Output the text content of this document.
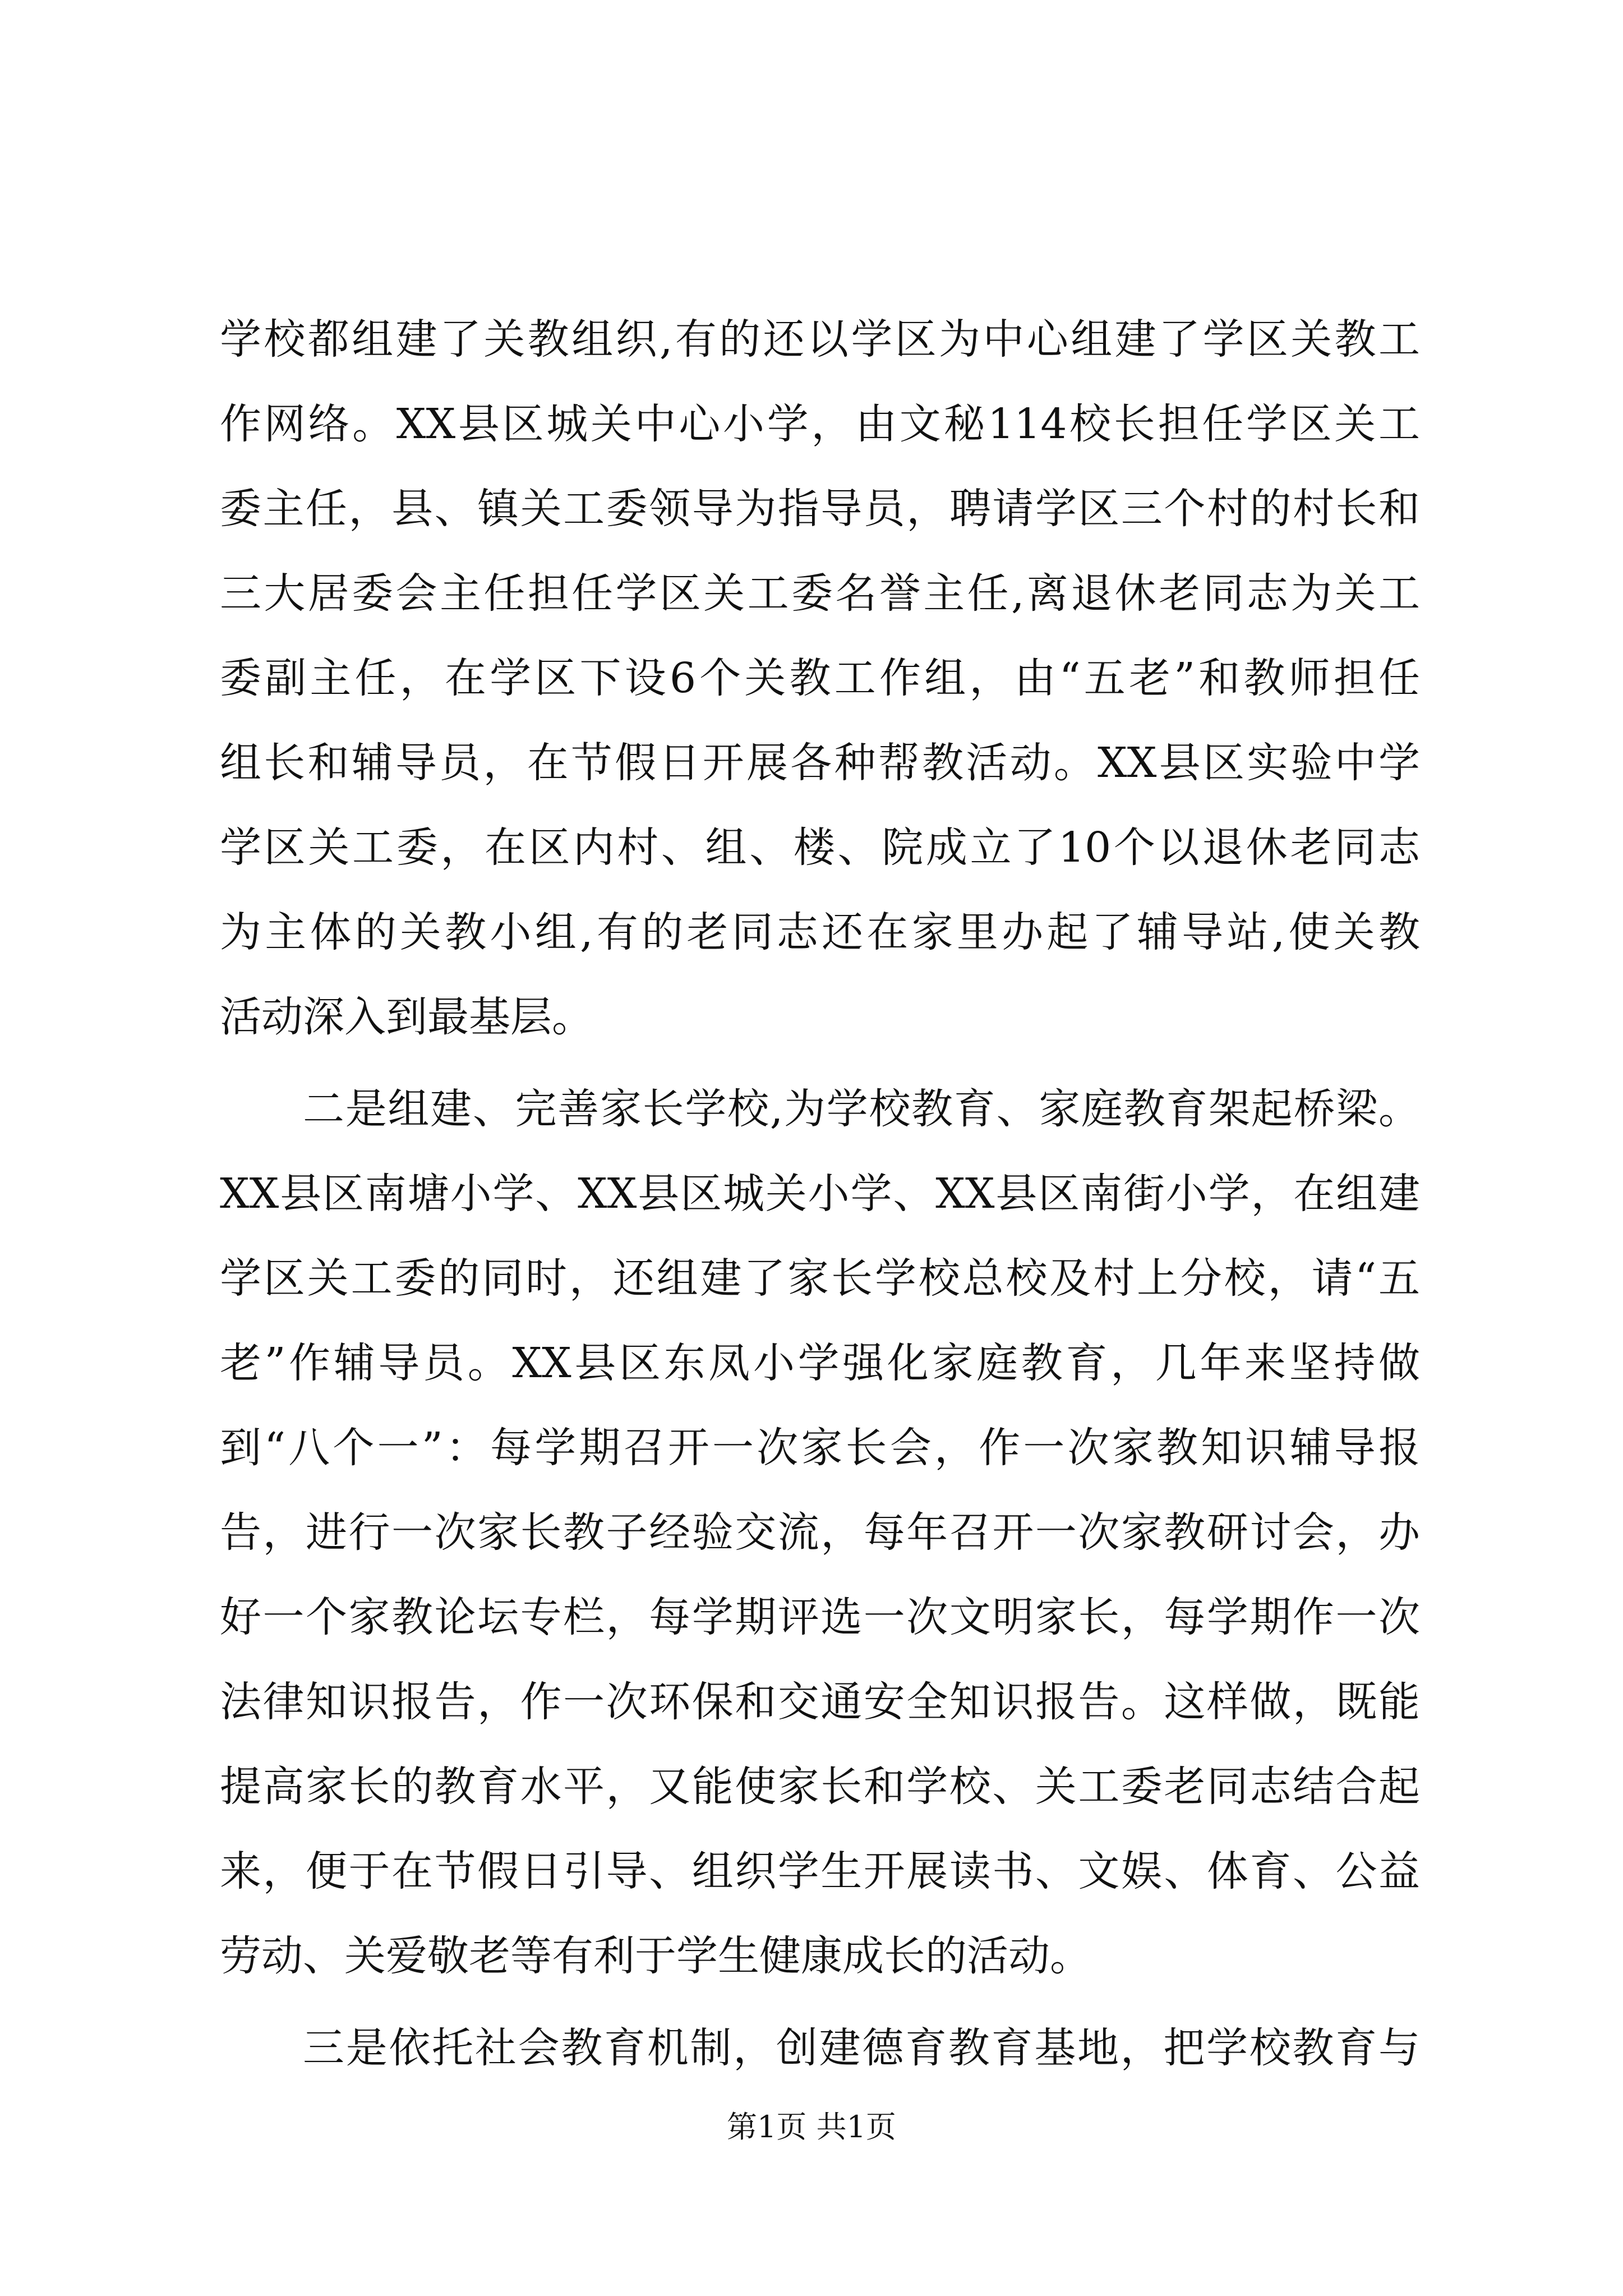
学校都组建了关教组织,有的还以学区为中心组建了学区关教工
作网络。XX县区城关中心小学，由文秘114校长担任学区关工
委主任，县、镇关工委领导为指导员，聘请学区三个村的村长和
三大居委会主任担任学区关工委名誉主任,离退休老同志为关工
委副主任，在学区下设6个关教工作组，由“五老”和教师担任
组长和辅导员，在节假日开展各种帮教活动。XX县区实验中学
学区关工委，在区内村、组、楼、院成立了10个以退休老同志
为主体的关教小组,有的老同志还在家里办起了辅导站,使关教
活动深入到最基层。
二是组建、完善家长学校,为学校教育、家庭教育架起桥梁。
XX县区南塘小学、XX县区城关小学、XX县区南街小学，在组建
学区关工委的同时，还组建了家长学校总校及村上分校，请“五
老”作辅导员。XX县区东凤小学强化家庭教育，几年来坚持做
到“八个一”：每学期召开一次家长会，作一次家教知识辅导报
告，进行一次家长教子经验交流，每年召开一次家教研讨会，办
好一个家教论坛专栏，每学期评选一次文明家长，每学期作一次
法律知识报告，作一次环保和交通安全知识报告。这样做，既能
提高家长的教育水平，又能使家长和学校、关工委老同志结合起
来，便于在节假日引导、组织学生开展读书、文娱、体育、公益
劳动、关爱敬老等有利于学生健康成长的活动。
三是依托社会教育机制，创建德育教育基地，把学校教育与
第1页 共1页
